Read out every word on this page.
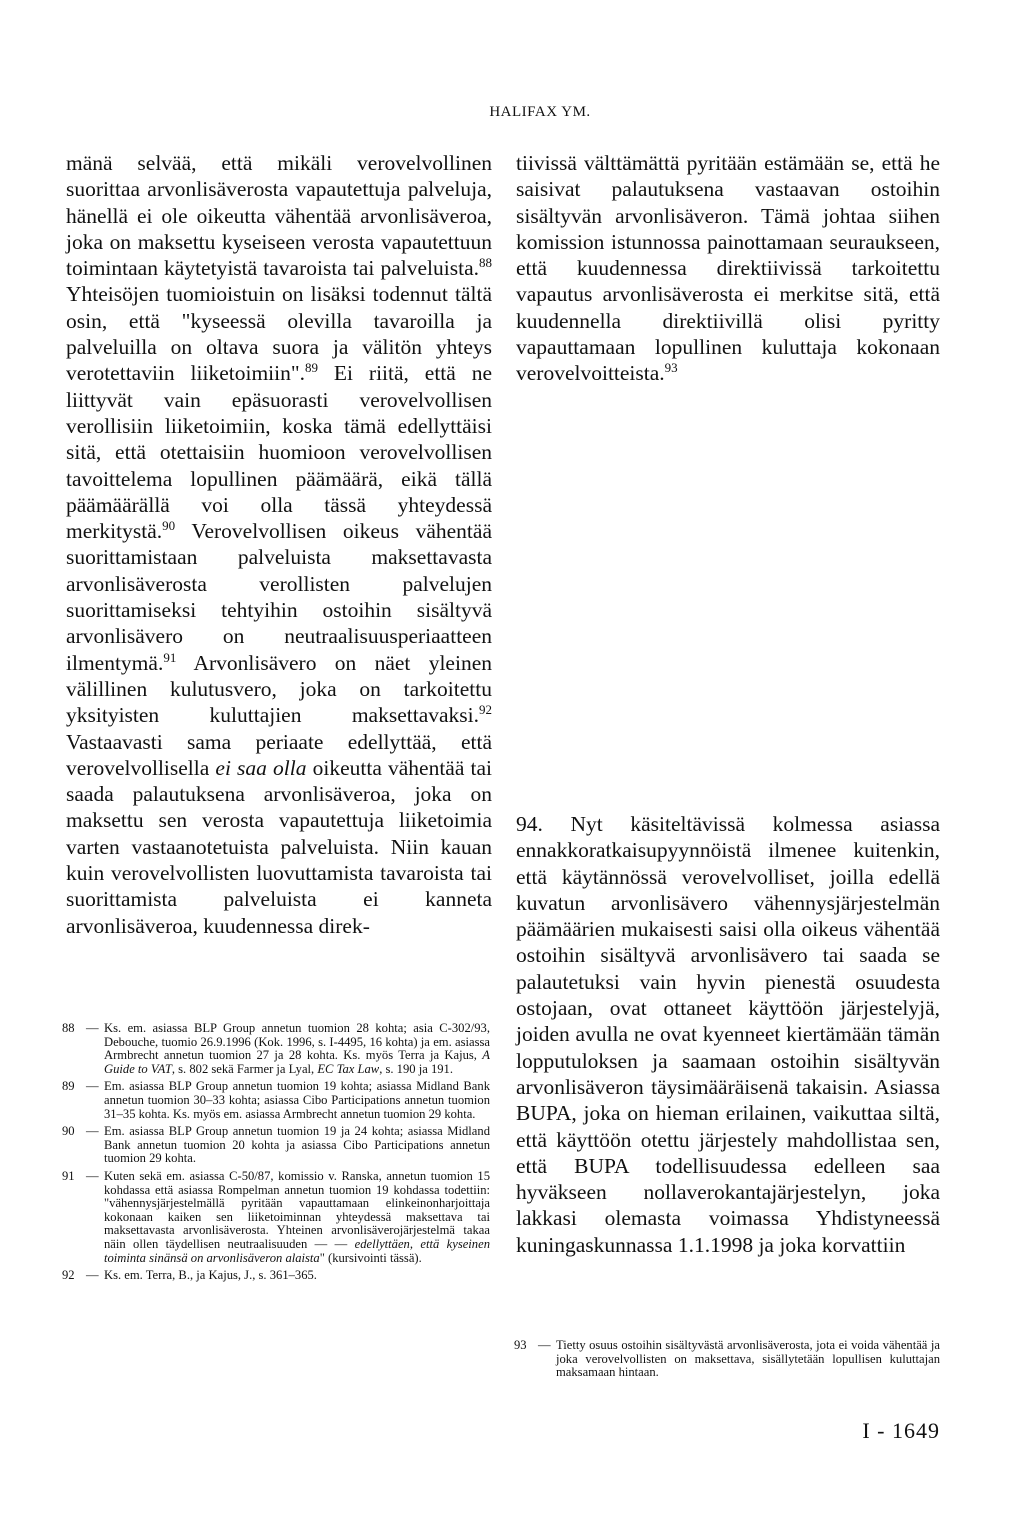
HALIFAX YM.

mänä selvää, että mikäli verovelvollinen suorittaa arvonlisäverosta vapautettuja palveluja, hänellä ei ole oikeutta vähentää arvonlisäveroa, joka on maksettu kyseiseen verosta vapautettuun toimintaan käytetyistä tavaroista tai palveluista.$^{88}$ Yhteisöjen tuomioistuin on lisäksi todennut tältä osin, että "kyseessä olevilla tavaroilla ja palveluilla on oltava suora ja välitön yhteys verotettaviin liiketoimiin".$^{89}$ Ei riitä, että ne liittyvät vain epäsuorasti verovelvollisen verollisiin liiketoimiin, koska tämä edellyttäisi sitä, että otettaisiin huomioon verovelvollisen tavoittelema lopullinen päämäärä, eikä tällä päämäärällä voi olla tässä yhteydessä merkitystä.$^{90}$ Verovelvollisen oikeus vähentää suorittamistaan palveluista maksettavasta arvonlisäverosta verollisten palvelujen suorittamiseksi tehtyihin ostoihin sisältyvä arvonlisävero on neutraalisuusperiaatteen ilmentymä.$^{91}$ Arvonlisävero on näet yleinen välillinen kulutusvero, joka on tarkoitettu yksityisten kuluttajien maksettavaksi.$^{92}$ Vastaavasti sama periaate edellyttää, että verovelvollisella ei saa olla oikeutta vähentää tai saada palautuksena arvonlisäveroa, joka on maksettu sen verosta vapautettuja liiketoimia varten vastaanotetuista palveluista. Niin kauan kuin verovelvollisten luovuttamista tavaroista tai suorittamista palveluista ei kanneta arvonlisäveroa, kuudennessa direk-

tiivissä välttämättä pyritään estämään se, että he saisivat palautuksena vastaavan ostoihin sisältyvän arvonlisäveron. Tämä johtaa siihen komission istunnossa painottamaan seuraukseen, että kuudennessa direktiivissä tarkoitettu vapautus arvonlisäverosta ei merkitse sitä, että kuudennella direktiivillä olisi pyritty vapauttamaan lopullinen kuluttaja kokonaan verovelvoitteista.$^{93}$

94. Nyt käsiteltävissä kolmessa asiassa ennakkoratkaisupyynnöistä ilmenee kuitenkin, että käytännössä verovelvolliset, joilla edellä kuvatun arvonlisävero vähennysjärjestelmän päämäärien mukaisesti saisi olla oikeus vähentää ostoihin sisältyvä arvonlisävero tai saada se palautetuksi vain hyvin pienestä osuudesta ostojaan, ovat ottaneet käyttöön järjestelyjä, joiden avulla ne ovat kyenneet kiertämään tämän lopputuloksen ja saamaan ostoihin sisältyvän arvonlisäveron täysimääräisenä takaisin. Asiassa BUPA, joka on hieman erilainen, vaikuttaa siltä, että käyttöön otettu järjestely mahdollistaa sen, että BUPA todellisuudessa edelleen saa hyväkseen nollaverokantajärjestelyn, joka lakkasi olemasta voimassa Yhdistyneessä kuningaskunnassa 1.1.1998 ja joka korvattiin

88 — Ks. em. asiassa BLP Group annetun tuomion 28 kohta; asia C-302/93, Debouche, tuomio 26.9.1996 (Kok. 1996, s. I-4495, 16 kohta) ja em. asiassa Armbrecht annetun tuomion 27 ja 28 kohta. Ks. myös Terra ja Kajus, A Guide to VAT, s. 802 sekä Farmer ja Lyal, EC Tax Law, s. 190 ja 191.
89 — Em. asiassa BLP Group annetun tuomion 19 kohta; asiassa Midland Bank annetun tuomion 30–33 kohta; asiassa Cibo Participations annetun tuomion 31–35 kohta. Ks. myös em. asiassa Armbrecht annetun tuomion 29 kohta.
90 — Em. asiassa BLP Group annetun tuomion 19 ja 24 kohta; asiassa Midland Bank annetun tuomion 20 kohta ja asiassa Cibo Participations annetun tuomion 29 kohta.
91 — Kuten sekä em. asiassa C-50/87, komissio v. Ranska, annetun tuomion 15 kohdassa että asiassa Rompelman annetun tuomion 19 kohdassa todettiin: "vähennysjärjestelmällä pyritään vapauttamaan elinkeinonharjoittaja kokonaan kaiken sen liiketoiminnan yhteydessä maksettava tai maksettavasta arvonlisäverosta. Yhteinen arvonlisäverojärjestelmä takaa näin ollen täydellisen neutraalisuuden — — edellyttäen, että kyseinen toiminta sinänsä on arvonlisäveron alaista" (kursivointi tässä).
92 — Ks. em. Terra, B., ja Kajus, J., s. 361–365.
93 — Tietty osuus ostoihin sisältyvästä arvonlisäverosta, jota ei voida vähentää ja joka verovelvollisten on maksettava, sisällytetään lopullisen kuluttajan maksamaan hintaan.
I - 1649
